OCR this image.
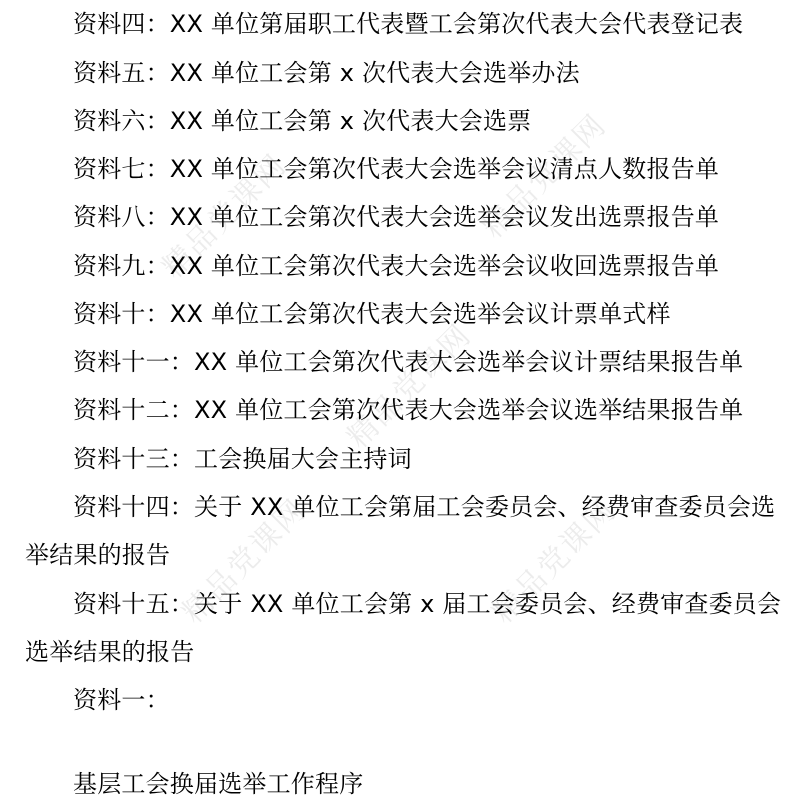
精品党课网
精品党课网
精品党课网
精品党课网	精品党课网
资料四：XX 单位第届职工代表暨工会第次代表大会代表登记表
资料五：XX 单位工会第 x 次代表大会选举办法
资料六：XX 单位工会第 x 次代表大会选票
资料七：XX 单位工会第次代表大会选举会议清点人数报告单
资料八：XX 单位工会第次代表大会选举会议发出选票报告单
资料九：XX 单位工会第次代表大会选举会议收回选票报告单
资料十：XX 单位工会第次代表大会选举会议计票单式样
资料十一：XX 单位工会第次代表大会选举会议计票结果报告单
资料十二：XX 单位工会第次代表大会选举会议选举结果报告单
资料十三：工会换届大会主持词
资料十四：关于 XX 单位工会第届工会委员会、经费审查委员会选
举结果的报告
资料十五：关于 XX 单位工会第 x 届工会委员会、经费审查委员会
选举结果的报告
资料一：
基层工会换届选举工作程序
